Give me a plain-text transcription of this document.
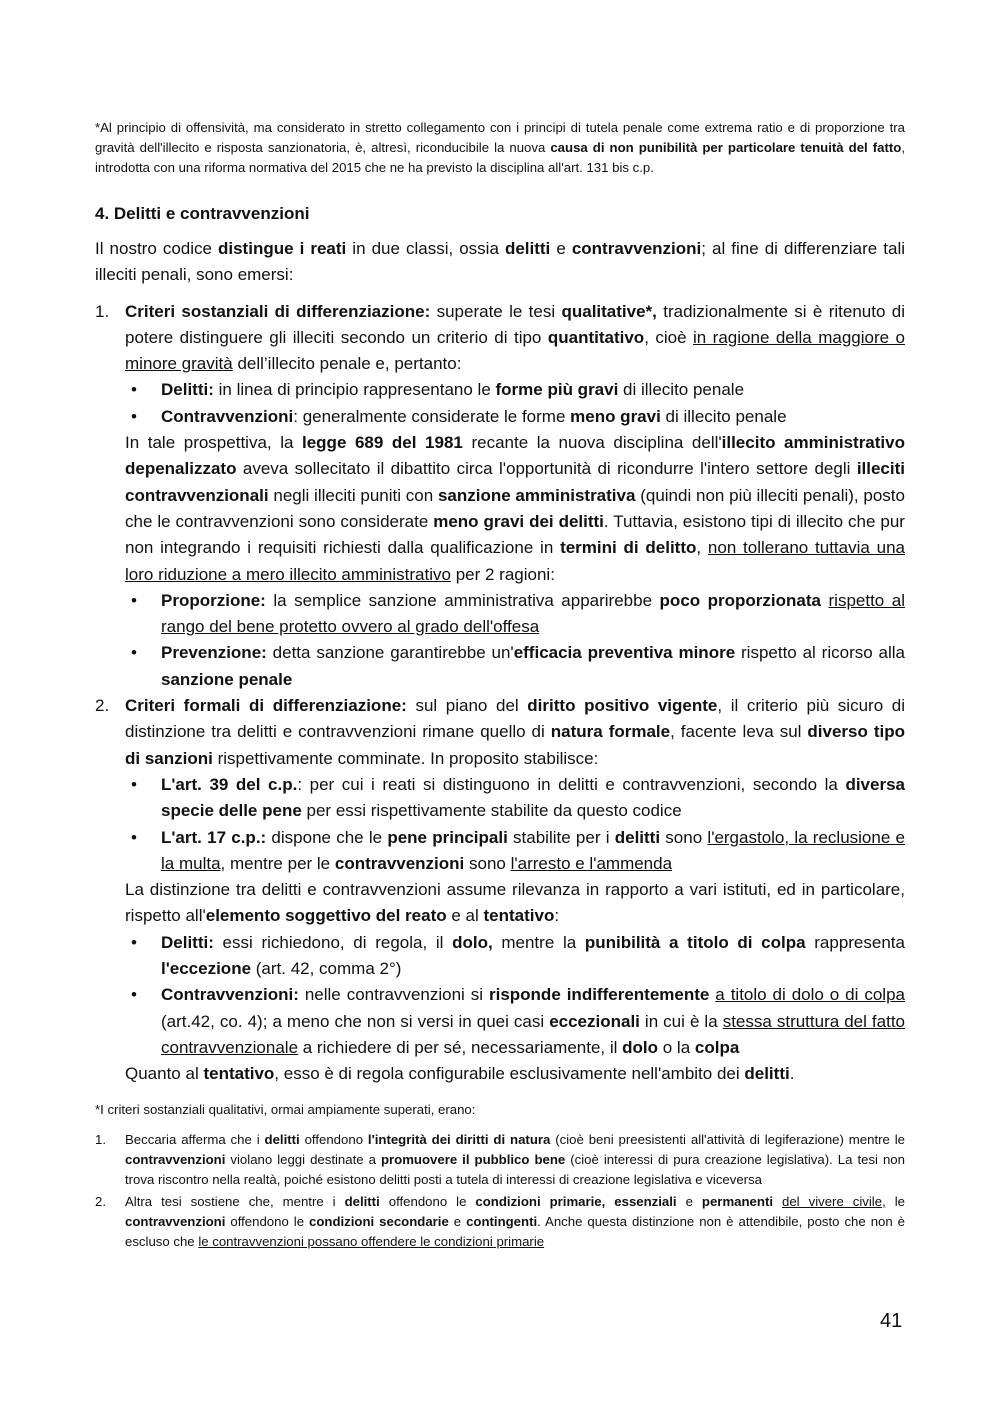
*Al principio di offensività, ma considerato in stretto collegamento con i principi di tutela penale come extrema ratio e di proporzione tra gravità dell'illecito e risposta sanzionatoria, è, altresì, riconducibile la nuova causa di non punibilità per particolare tenuità del fatto, introdotta con una riforma normativa del 2015 che ne ha previsto la disciplina all'art. 131 bis c.p.

4. Delitti e contravvenzioni

Il nostro codice distingue i reati in due classi, ossia delitti e contravvenzioni; al fine di differenziare tali illeciti penali, sono emersi:

1. Criteri sostanziali di differenziazione: superate le tesi qualitative*, tradizionalmente si è ritenuto di potere distinguere gli illeciti secondo un criterio di tipo quantitativo, cioè in ragione della maggiore o minore gravità dell’illecito penale e, pertanto:
• Delitti: in linea di principio rappresentano le forme più gravi di illecito penale
• Contravvenzioni: generalmente considerate le forme meno gravi di illecito penale
In tale prospettiva, la legge 689 del 1981 recante la nuova disciplina dell'illecito amministrativo depenalizzato aveva sollecitato il dibattito circa l'opportunità di ricondurre l'intero settore degli illeciti contravvenzionali negli illeciti puniti con sanzione amministrativa (quindi non più illeciti penali), posto che le contravvenzioni sono considerate meno gravi dei delitti. Tuttavia, esistono tipi di illecito che pur non integrando i requisiti richiesti dalla qualificazione in termini di delitto, non tollerano tuttavia una loro riduzione a mero illecito amministrativo per 2 ragioni:
• Proporzione: la semplice sanzione amministrativa apparirebbe poco proporzionata rispetto al rango del bene protetto ovvero al grado dell'offesa
• Prevenzione: detta sanzione garantirebbe un'efficacia preventiva minore rispetto al ricorso alla sanzione penale
2. Criteri formali di differenziazione: sul piano del diritto positivo vigente, il criterio più sicuro di distinzione tra delitti e contravvenzioni rimane quello di natura formale, facente leva sul diverso tipo di sanzioni rispettivamente comminate. In proposito stabilisce:
• L'art. 39 del c.p.: per cui i reati si distinguono in delitti e contravvenzioni, secondo la diversa specie delle pene per essi rispettivamente stabilite da questo codice
• L'art. 17 c.p.: dispone che le pene principali stabilite per i delitti sono l'ergastolo, la reclusione e la multa, mentre per le contravvenzioni sono l'arresto e l'ammenda
La distinzione tra delitti e contravvenzioni assume rilevanza in rapporto a vari istituti, ed in particolare, rispetto all'elemento soggettivo del reato e al tentativo:
• Delitti: essi richiedono, di regola, il dolo, mentre la punibilità a titolo di colpa rappresenta l'eccezione (art. 42, comma 2°)
• Contravvenzioni: nelle contravvenzioni si risponde indifferentemente a titolo di dolo o di colpa (art.42, co. 4); a meno che non si versi in quei casi eccezionali in cui è la stessa struttura del fatto contravvenzionale a richiedere di per sé, necessariamente, il dolo o la colpa
Quanto al tentativo, esso è di regola configurabile esclusivamente nell'ambito dei delitti.
*I criteri sostanziali qualitativi, ormai ampiamente superati, erano:
1. Beccaria afferma che i delitti offendono l'integrità dei diritti di natura (cioè beni preesistenti all'attività di legiferazione) mentre le contravvenzioni violano leggi destinate a promuovere il pubblico bene (cioè interessi di pura creazione legislativa). La tesi non trova riscontro nella realtà, poiché esistono delitti posti a tutela di interessi di creazione legislativa e viceversa
2. Altra tesi sostiene che, mentre i delitti offendono le condizioni primarie, essenziali e permanenti del vivere civile, le contravvenzioni offendono le condizioni secondarie e contingenti. Anche questa distinzione non è attendibile, posto che non è escluso che le contravvenzioni possano offendere le condizioni primarie
41
